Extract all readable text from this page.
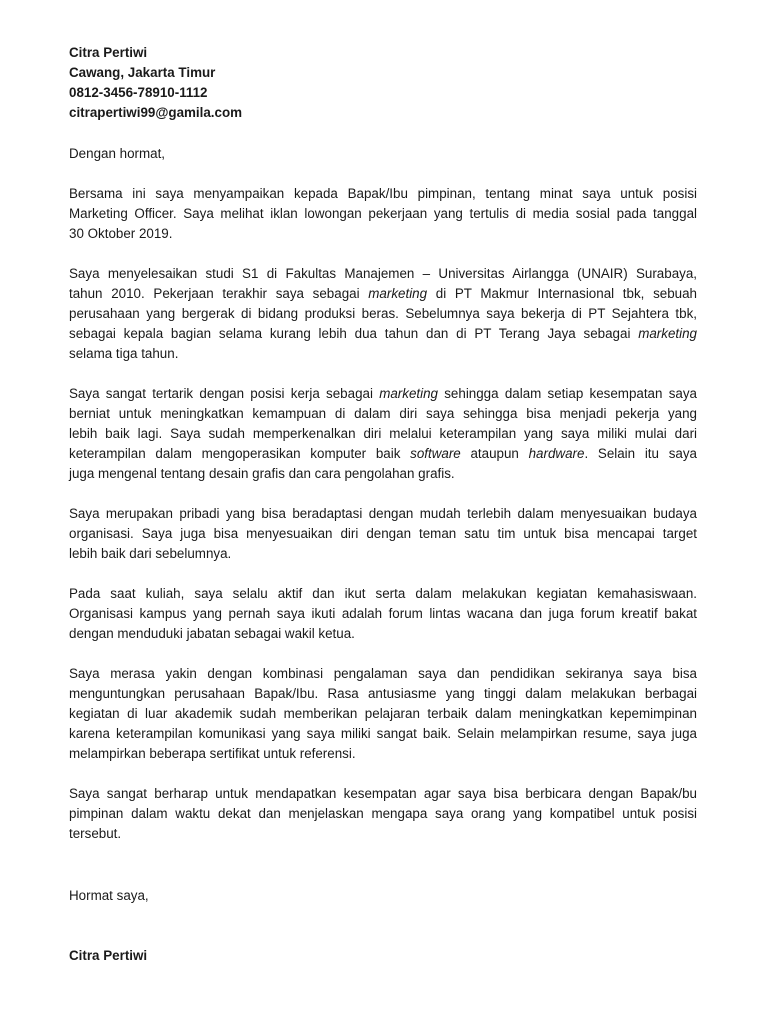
Citra Pertiwi
Cawang, Jakarta Timur
0812-3456-78910-1112
citrapertiwi99@gamila.com
Dengan hormat,
Bersama ini saya menyampaikan kepada Bapak/Ibu pimpinan, tentang minat saya untuk posisi
Marketing Officer. Saya melihat iklan lowongan pekerjaan yang tertulis di media sosial pada tanggal
30 Oktober 2019.
Saya menyelesaikan studi S1 di Fakultas Manajemen – Universitas Airlangga (UNAIR) Surabaya,
tahun 2010. Pekerjaan terakhir saya sebagai marketing di PT Makmur Internasional tbk, sebuah
perusahaan yang bergerak di bidang produksi beras. Sebelumnya saya bekerja di PT Sejahtera tbk,
sebagai kepala bagian selama kurang lebih dua tahun dan di PT Terang Jaya sebagai marketing
selama tiga tahun.
Saya sangat tertarik dengan posisi kerja sebagai marketing sehingga dalam setiap kesempatan saya
berniat untuk meningkatkan kemampuan di dalam diri saya sehingga bisa menjadi pekerja yang
lebih baik lagi. Saya sudah memperkenalkan diri melalui keterampilan yang saya miliki mulai dari
keterampilan dalam mengoperasikan komputer baik software ataupun hardware. Selain itu saya
juga mengenal tentang desain grafis dan cara pengolahan grafis.
Saya merupakan pribadi yang bisa beradaptasi dengan mudah terlebih dalam menyesuaikan budaya
organisasi. Saya juga bisa menyesuaikan diri dengan teman satu tim untuk bisa mencapai target
lebih baik dari sebelumnya.
Pada saat kuliah, saya selalu aktif dan ikut serta dalam melakukan kegiatan kemahasiswaan.
Organisasi kampus yang pernah saya ikuti adalah forum lintas wacana dan juga forum kreatif bakat
dengan menduduki jabatan sebagai wakil ketua.
Saya merasa yakin dengan kombinasi pengalaman saya dan pendidikan sekiranya saya bisa
menguntungkan perusahaan Bapak/Ibu. Rasa antusiasme yang tinggi dalam melakukan berbagai
kegiatan di luar akademik sudah memberikan pelajaran terbaik dalam meningkatkan kepemimpinan
karena keterampilan komunikasi yang saya miliki sangat baik. Selain melampirkan resume, saya juga
melampirkan beberapa sertifikat untuk referensi.
Saya sangat berharap untuk mendapatkan kesempatan agar saya bisa berbicara dengan Bapak/bu
pimpinan dalam waktu dekat dan menjelaskan mengapa saya orang yang kompatibel untuk posisi
tersebut.
Hormat saya,
Citra Pertiwi
